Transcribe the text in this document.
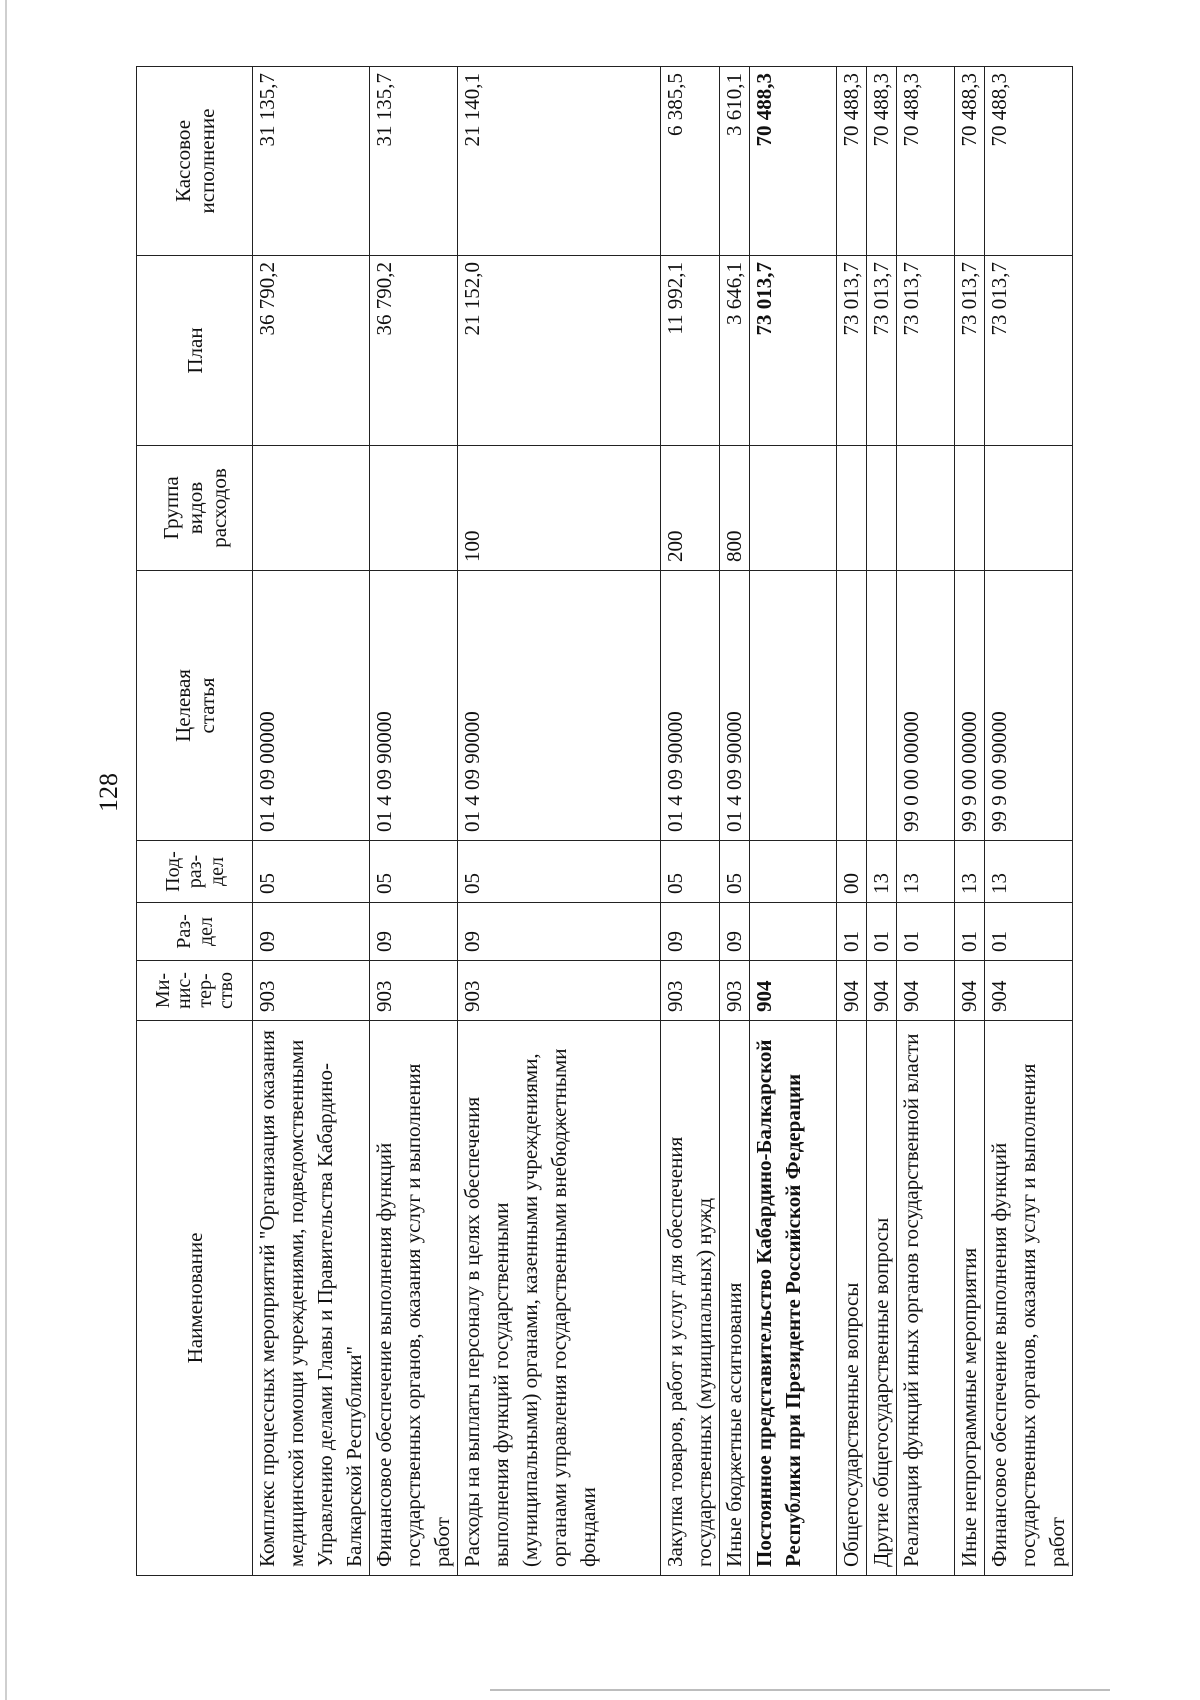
128
Наименование	Ми-
нис-
тер-
ство	Раз-
дел	Под-
раз-
дел	Целевая
статья	Группа
видов
расходов	План	Кассовое
исполнение
Комплекс процессных мероприятий "Организация оказания медицинской помощи учреждениями, подведомственными Управлению делами Главы и Правительства Кабардино-Балкарской Республики"	903	09	05	01 4 09 00000		36 790,2	31 135,7
Финансовое обеспечение выполнения функций государственных органов, оказания услуг и выполнения работ	903	09	05	01 4 09 90000		36 790,2	31 135,7
Расходы на выплаты персоналу в целях обеспечения выполнения функций государственными (муниципальными) органами, казенными учреждениями, органами управления государственными внебюджетными фондами	903	09	05	01 4 09 90000	100	21 152,0	21 140,1
Закупка товаров, работ и услуг для обеспечения государственных (муниципальных) нужд	903	09	05	01 4 09 90000	200	11 992,1	6 385,5
Иные бюджетные ассигнования	903	09	05	01 4 09 90000	800	3 646,1	3 610,1
Постоянное представительство Кабардино-Балкарской Республики при Президенте Российской Федерации	904					73 013,7	70 488,3
Общегосударственные вопросы	904	01	00			73 013,7	70 488,3
Другие общегосударственные вопросы	904	01	13			73 013,7	70 488,3
Реализация функций иных органов государственной власти	904	01	13	99 0 00 00000		73 013,7	70 488,3
Иные непрограммные мероприятия	904	01	13	99 9 00 00000		73 013,7	70 488,3
Финансовое обеспечение выполнения функций государственных органов, оказания услуг и выполнения работ	904	01	13	99 9 00 90000		73 013,7	70 488,3
